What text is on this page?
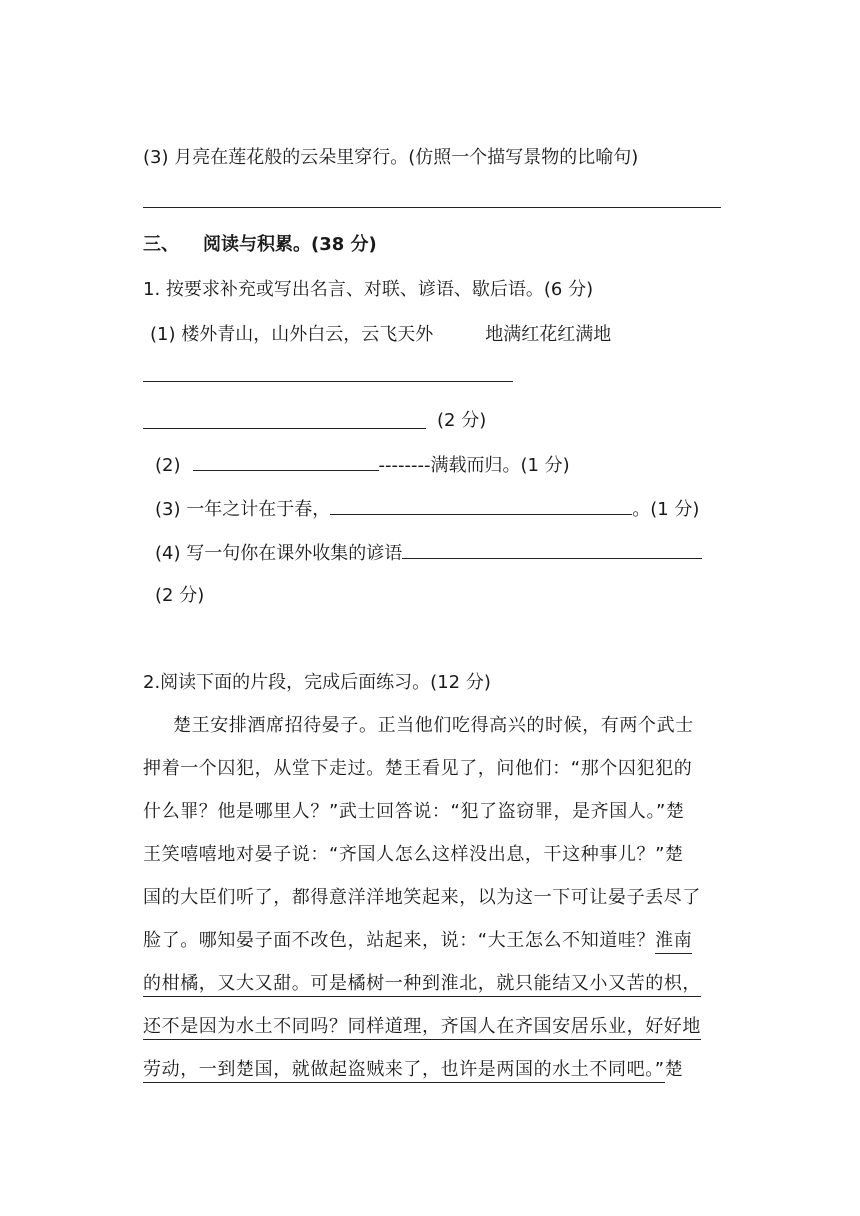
(3) 月亮在莲花般的云朵里穿行。(仿照一个描写景物的比喻句)
三、 阅读与积累。(38 分)
1. 按要求补充或写出名言、对联、谚语、歇后语。(6 分)
(1) 楼外青山，山外白云，云飞天外	地满红花红满地
(2 分)
(2)	--------满载而归。(1 分)
(3) 一年之计在于春，	。(1 分)
(4) 写一句你在课外收集的谚语
(2 分)
2.阅读下面的片段，完成后面练习。(12 分)
楚王安排酒席招待晏子。正当他们吃得高兴的时候，有两个武士
押着一个囚犯，从堂下走过。楚王看见了，问他们：“那个囚犯犯的
什么罪？他是哪里人？”武士回答说：“犯了盗窃罪，是齐国人。”楚
王笑嘻嘻地对晏子说：“齐国人怎么这样没出息，干这种事儿？”楚
国的大臣们听了，都得意洋洋地笑起来，以为这一下可让晏子丢尽了
脸了。哪知晏子面不改色，站起来，说：“大王怎么不知道哇？淮南
的柑橘，又大又甜。可是橘树一种到淮北，就只能结又小又苦的枳，
还不是因为水土不同吗？同样道理，齐国人在齐国安居乐业，好好地
劳动，一到楚国，就做起盗贼来了，也许是两国的水土不同吧。”楚
